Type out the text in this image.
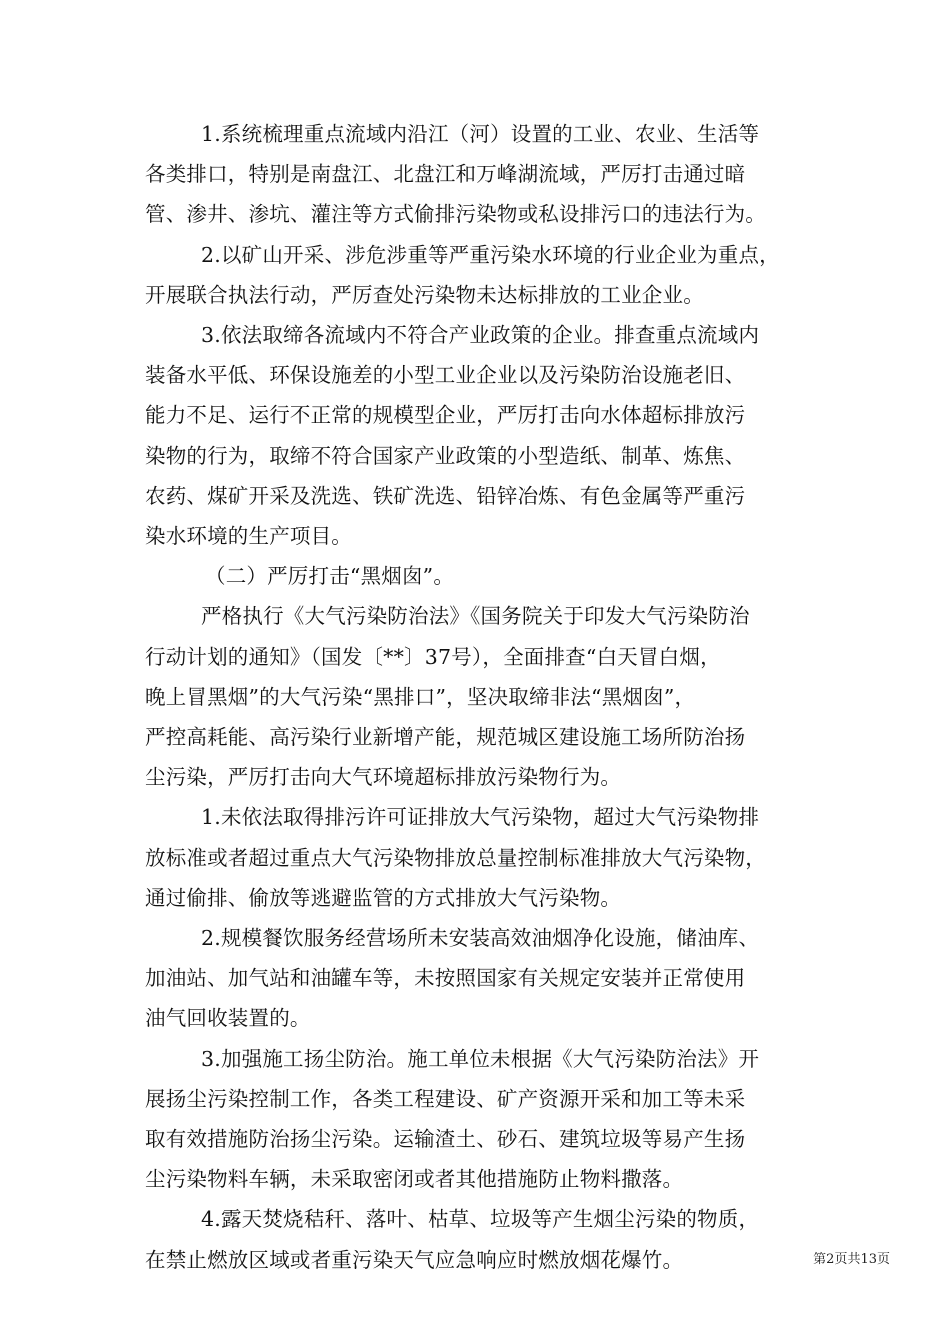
1.系统梳理重点流域内沿江（河）设置的工业、农业、生活等
各类排口，特别是南盘江、北盘江和万峰湖流域，严厉打击通过暗
管、渗井、渗坑、灌注等方式偷排污染物或私设排污口的违法行为。

2.以矿山开采、涉危涉重等严重污染水环境的行业企业为重点，
开展联合执法行动，严厉查处污染物未达标排放的工业企业。

3.依法取缔各流域内不符合产业政策的企业。排查重点流域内
装备水平低、环保设施差的小型工业企业以及污染防治设施老旧、
能力不足、运行不正常的规模型企业，严厉打击向水体超标排放污
染物的行为，取缔不符合国家产业政策的小型造纸、制革、炼焦、
农药、煤矿开采及洗选、铁矿洗选、铅锌冶炼、有色金属等严重污
染水环境的生产项目。

（二）严厉打击“黑烟囱”。

严格执行《大气污染防治法》《国务院关于印发大气污染防治
行动计划的通知》（国发〔**〕37号），全面排查“白天冒白烟，
晚上冒黑烟”的大气污染“黑排口”，坚决取缔非法“黑烟囱”，
严控高耗能、高污染行业新增产能，规范城区建设施工场所防治扬
尘污染，严厉打击向大气环境超标排放污染物行为。

1.未依法取得排污许可证排放大气污染物，超过大气污染物排
放标准或者超过重点大气污染物排放总量控制标准排放大气污染物，
通过偷排、偷放等逃避监管的方式排放大气污染物。

2.规模餐饮服务经营场所未安装高效油烟净化设施，储油库、
加油站、加气站和油罐车等，未按照国家有关规定安装并正常使用
油气回收装置的。

3.加强施工扬尘防治。施工单位未根据《大气污染防治法》开
展扬尘污染控制工作，各类工程建设、矿产资源开采和加工等未采
取有效措施防治扬尘污染。运输渣土、砂石、建筑垃圾等易产生扬
尘污染物料车辆，未采取密闭或者其他措施防止物料撒落。

4.露天焚烧秸秆、落叶、枯草、垃圾等产生烟尘污染的物质，
在禁止燃放区域或者重污染天气应急响应时燃放烟花爆竹。	第2页共13页
